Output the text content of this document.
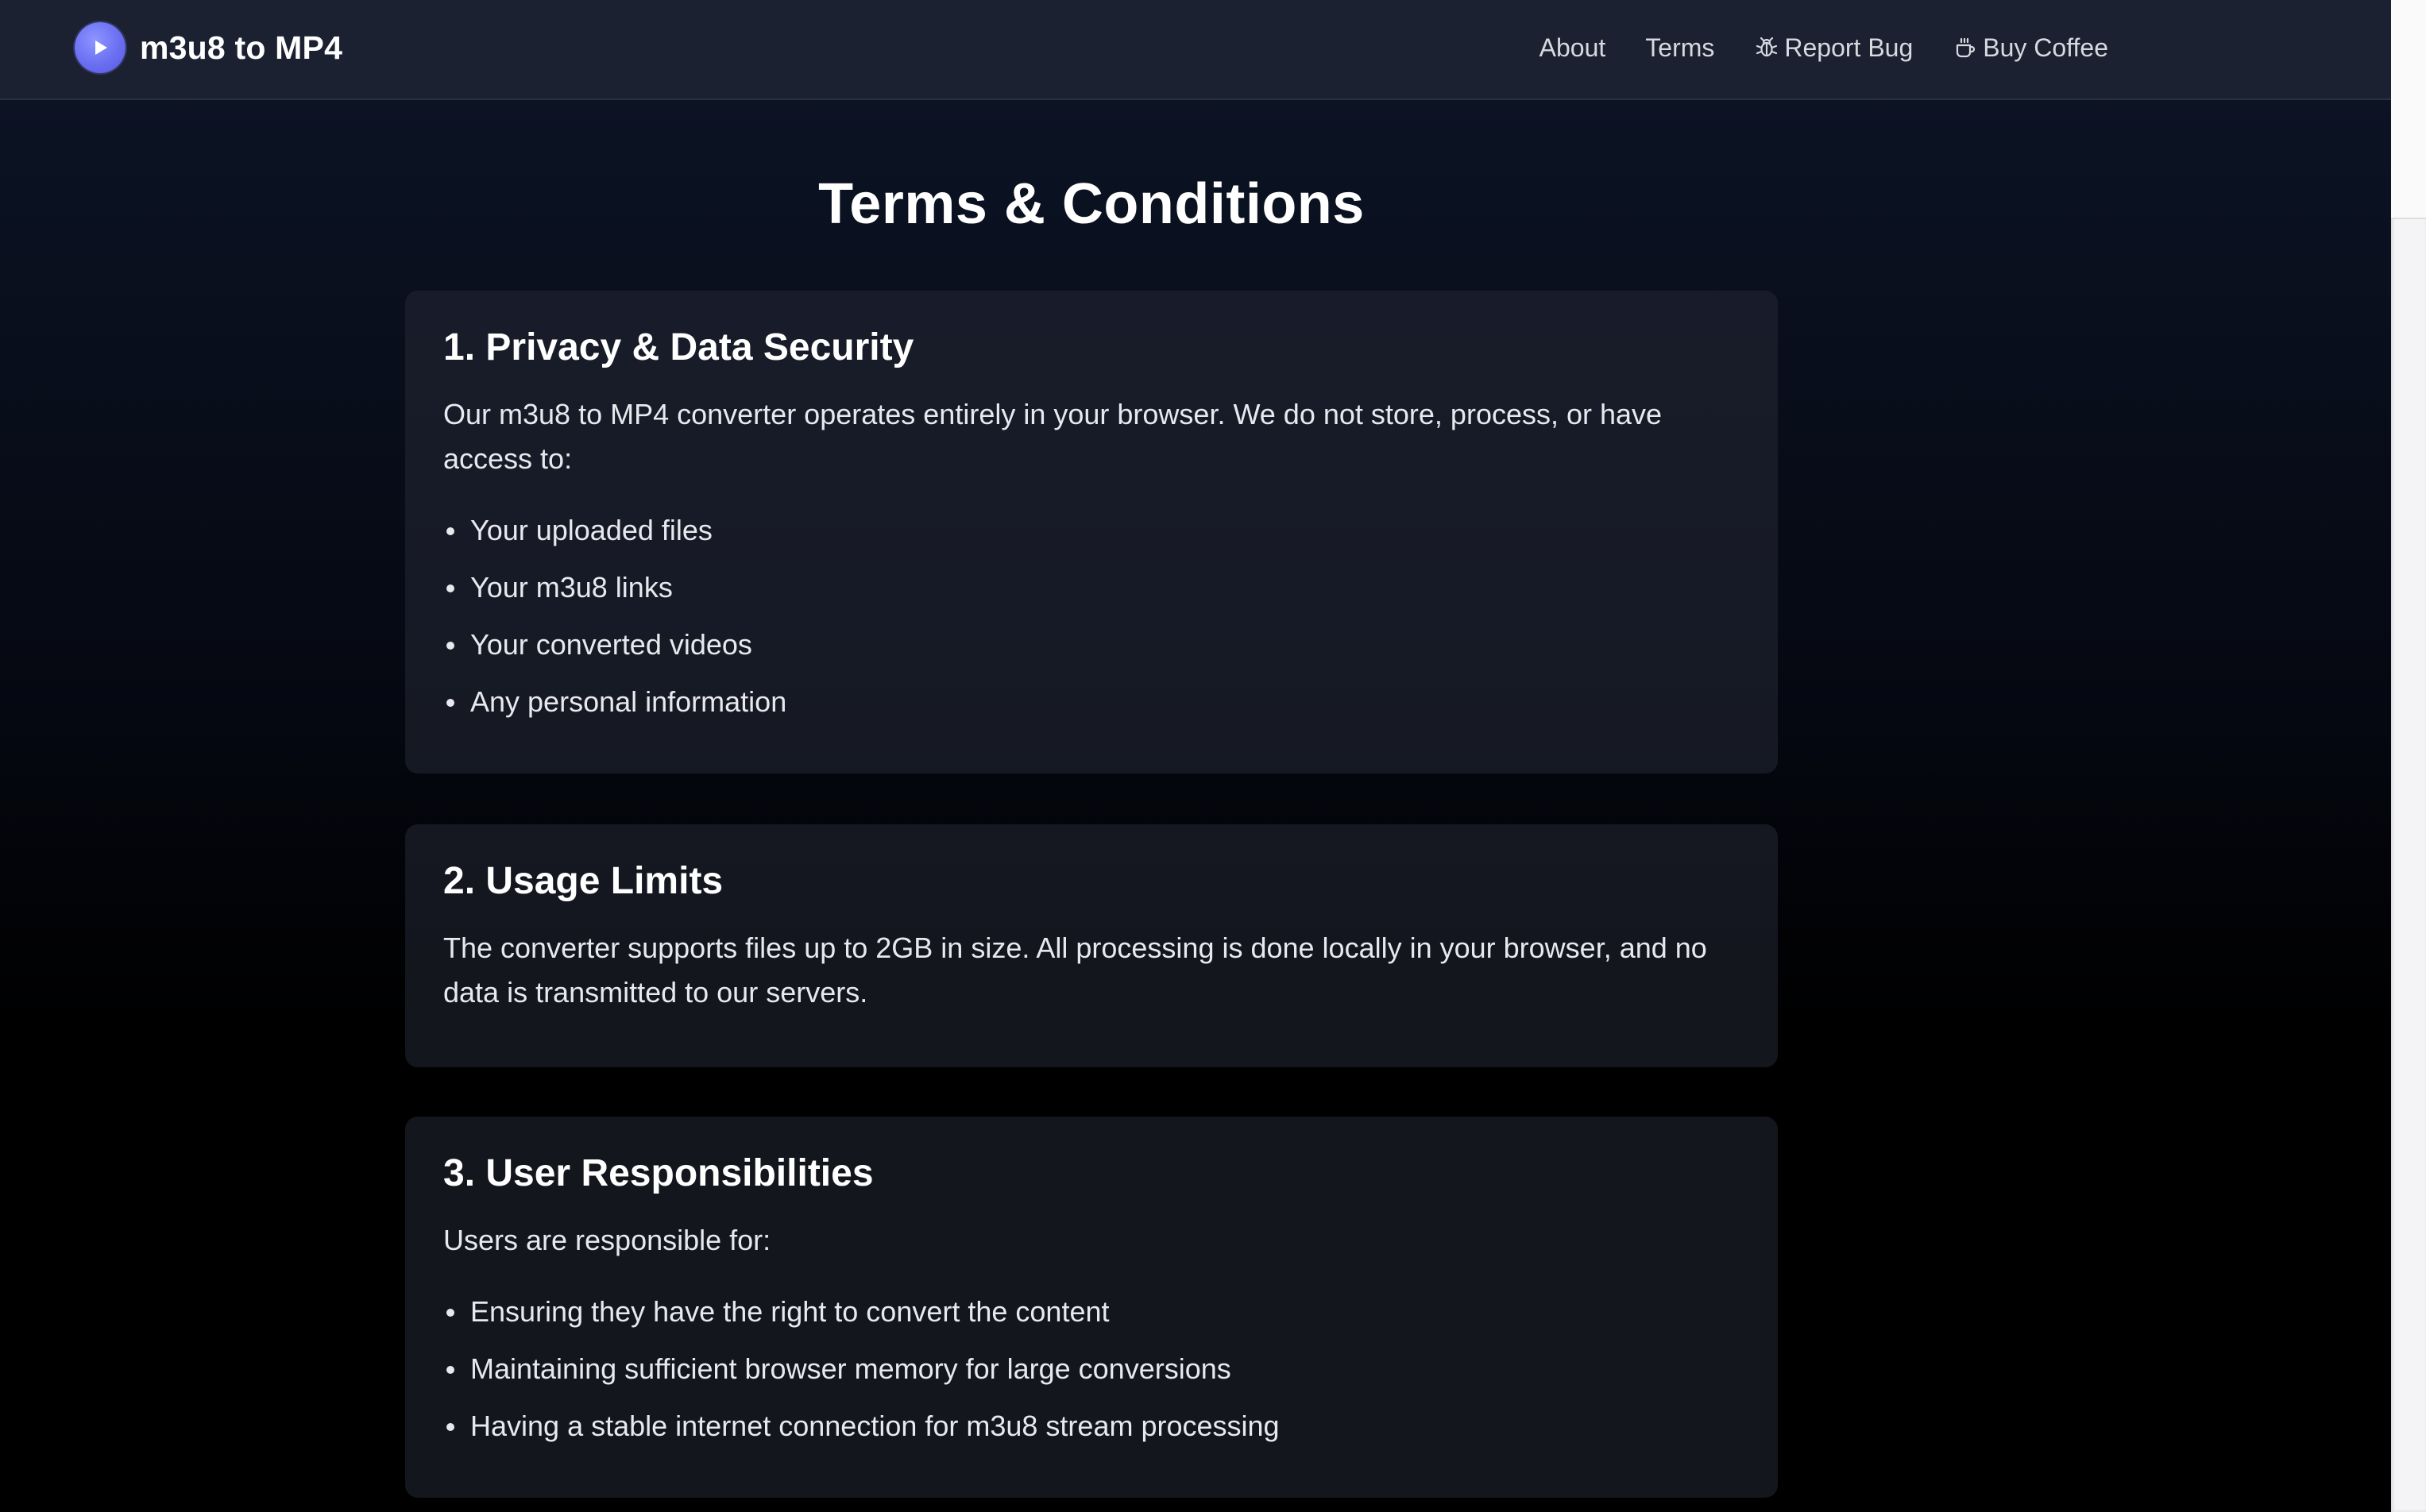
m3u8 to MP4	About Terms	Report Bug	Buy Coffee
Terms & Conditions
1. Privacy & Data Security

Our m3u8 to MP4 converter operates entirely in your browser. We do not store, process, or have access to:

Your uploaded files
Your m3u8 links
Your converted videos
Any personal information
2. Usage Limits

The converter supports files up to 2GB in size. All processing is done locally in your browser, and no data is transmitted to our servers.

3. User Responsibilities

Users are responsible for:

Ensuring they have the right to convert the content
Maintaining sufficient browser memory for large conversions
Having a stable internet connection for m3u8 stream processing
